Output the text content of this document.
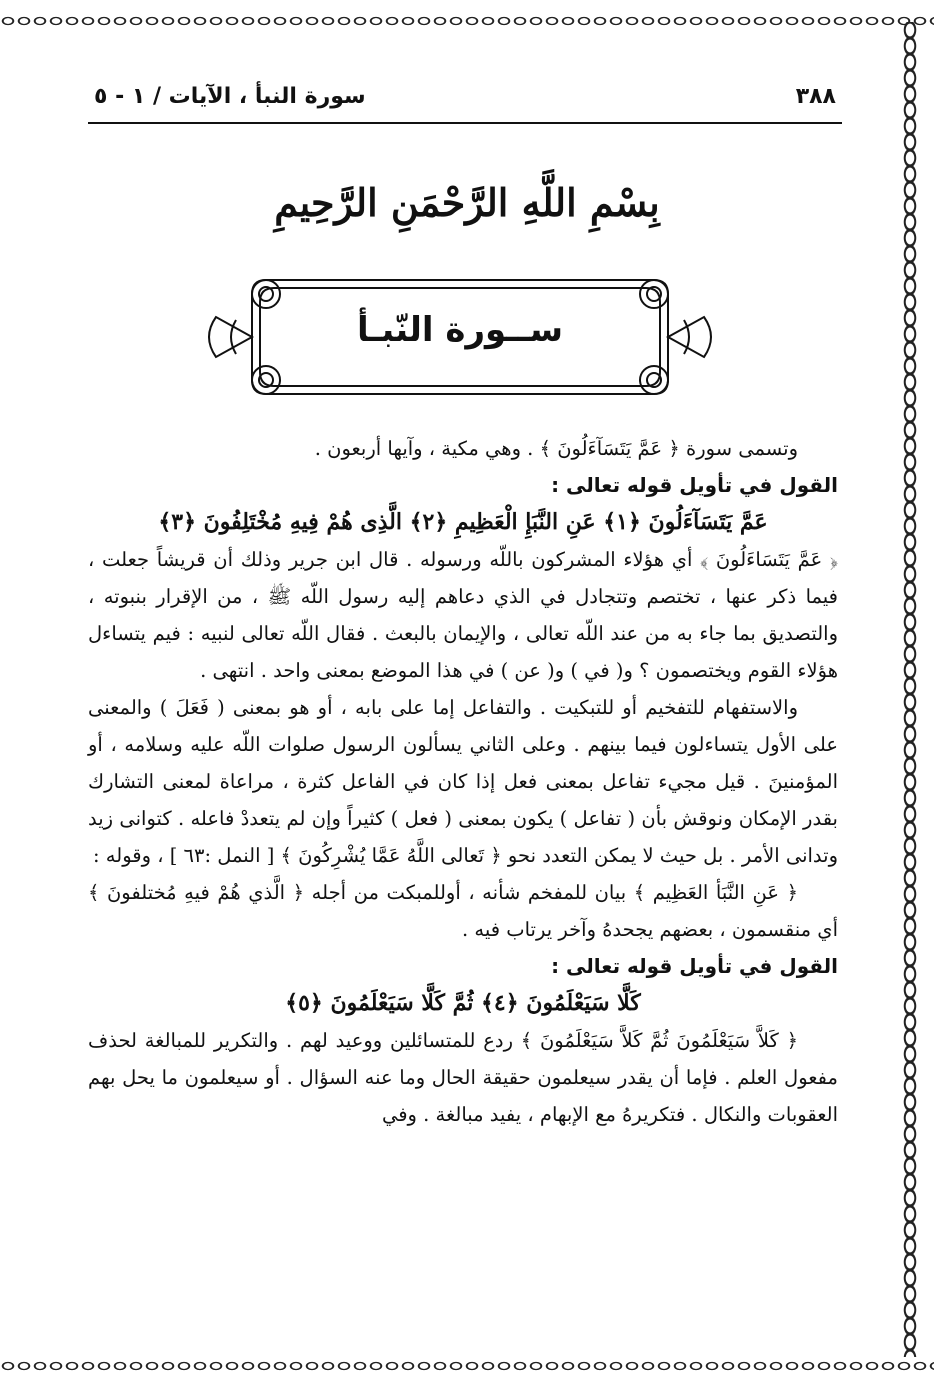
٣٨٨
سورة النبأ ، الآيات / ١ - ٥
بِسْمِ اللَّهِ الرَّحْمَنِ الرَّحِيمِ
ســورة النّبـأ

وتسمى سورة ﴿ عَمَّ يَتَسَآءَلُونَ ﴾ . وهي مكية ، وآيها أربعون .

القول في تأويل قوله تعالى :

عَمَّ يَتَسَآءَلُونَ ﴿١﴾ عَنِ النَّبَإِ الْعَظِيمِ ﴿٢﴾ الَّذِى هُمْ فِيهِ مُخْتَلِفُونَ ﴿٣﴾

﴿ عَمَّ يَتَسَاءَلُونَ ﴾ أي هؤلاء المشركون باللّه ورسوله . قال ابن جرير وذلك أن قريشاً جعلت ، فيما ذكر عنها ، تختصم وتتجادل في الذي دعاهم إليه رسول اللّه ﷺ ، من الإقرار بنبوته ، والتصديق بما جاء به من عند اللّه تعالى ، والإيمان بالبعث . فقال اللّه تعالى لنبيه : فيم يتساءل هؤلاء القوم ويختصمون ؟ و( في ) و( عن ) في هذا الموضع بمعنى واحد . انتهى .

والاستفهام للتفخيم أو للتبكيت . والتفاعل إما على بابه ، أو هو بمعنى ( فَعَلَ ) والمعنى على الأول يتساءلون فيما بينهم . وعلى الثاني يسألون الرسول صلوات اللّه عليه وسلامه ، أو المؤمنينَ . قيل مجيء تفاعل بمعنى فعل إذا كان في الفاعل كثرة ، مراعاة لمعنى التشارك بقدر الإمكان ونوقش بأن ( تفاعل ) يكون بمعنى ( فعل ) كثيراً وإن لم يتعددْ فاعله . كتوانى زيد وتدانى الأمر . بل حيث لا يمكن التعدد نحو ﴿ تَعالى اللَّهُ عَمَّا يُشْرِكُونَ ﴾ [ النمل :٦٣ ] ، وقوله :

﴿ عَنِ النَّبَأ العَظِيم ﴾ بيان للمفخم شأنه ، أوللمبكت من أجله ﴿ الَّذي هُمْ فيهِ مُختلفونَ ﴾ أي منقسمون ، بعضهم يجحدهُ وآخر يرتاب فيه .

القول في تأويل قوله تعالى :

كَلَّا سَيَعْلَمُونَ ﴿٤﴾ ثُمَّ كَلَّا سَيَعْلَمُونَ ﴿٥﴾

﴿ كَلاَّ سَيَعْلَمُونَ ثُمَّ كَلاَّ سَيَعْلَمُونَ ﴾ ردع للمتسائلين ووعيد لهم . والتكرير للمبالغة لحذف مفعول العلم . فإما أن يقدر سيعلمون حقيقة الحال وما عنه السؤال . أو سيعلمون ما يحل بهم العقوبات والنكال . فتكريرهُ مع الإبهام ، يفيد مبالغة . وفي
